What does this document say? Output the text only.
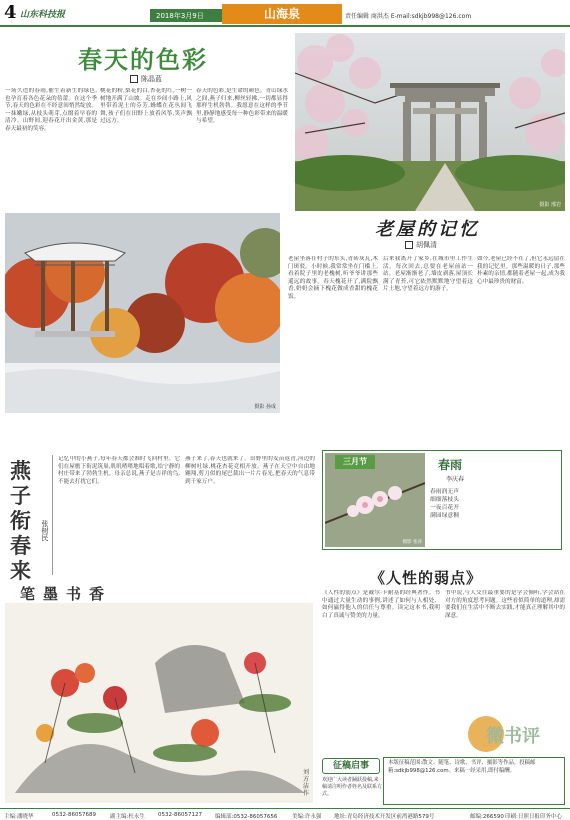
4 山东科技报	2018年3月9日	山海泉	责任编辑 商洪杰 E-mail:sdkjb998@126.com
春天的色彩
陈晶蓝
一场久违的春雨,催生着新生的绿色,也孕育着各色花朵的蓓蕾。在这个季节,春天的色彩在不经意间悄然绽放。一抹嫩绿,从枝头萌芽,点缀着早春的清冷。山野间,迎春花开出金黄,那是春天最初的笑容。
桃花的粉,梨花的白,杏花的红,一树一树地开满了山坡。走在乡间小路上,风里带着泥土的芬芳,蜂蝶在花丛间飞舞,孩子们在田野上放着风筝,笑声飘过远方。
春天的色彩,是生命的颜色。青山绿水之间,燕子归来,柳丝轻拂,一切都显得那样生机勃勃。我愿意在这样的季节里,静静地感受每一种色彩带来的温暖与希望。
摄影 邢岩
摄影 孙成
老屋的记忆
胡佩清
老屋坐落在村子的东头,青砖灰瓦,木门斑驳。小时候,我常常坐在门槛上,看着院子里的老槐树,听爷爷讲那些遥远的故事。春天槐花开了,满院飘香,奶奶会摘下槐花做成香甜的槐花饭。
后来我离开了家乡,在城市里工作生活。每次回去,总要在老屋前站一站。老屋渐渐老了,墙皮剥落,屋顶长满了青苔,可它依然默默地守望着这片土地,守望着远方的游子。
如今,老屋已经不在了,但它永远留在我的记忆里。那些温暖的日子,那些朴素的亲情,都随着老屋一起,成为我心中最珍贵的财富。
燕子衔春来
张树民
记忆中的小燕子,每年春天都会准时飞回村里。它们在屋檐下衔泥筑巢,叽叽喳喳地唱着歌,给宁静的村庄带来了勃勃生机。母亲总说,燕子是吉祥的鸟,不能去打扰它们。
燕子来了,春天也就来了。田野里的麦苗返青,河边的柳树吐绿,桃花杏花竞相开放。燕子在天空中自由地翱翔,剪刀似的尾巴裁出一片片春光,把春天的气息带到千家万户。
摄影 张涛
三月节	春雨
李庆春
春雨润无声
细细落枝头
一夜百花开
满园绿意稠
《人性的弱点》
《人性的弱点》是戴尔·卡耐基的经典著作。书中通过大量生动的事例,讲述了如何与人相处、如何赢得他人的信任与尊重。读完这本书,我明白了真诚与赞美的力量。
书中说,与人交往最重要的是学会倾听,学会站在对方的角度思考问题。这些看似简单的道理,却需要我们在生活中不断去实践,才能真正理解其中的深意。
笔墨书香
刘方洁作
微书评
征稿启事
欢迎广大读者踊跃投稿,来稿请注明作者姓名及联系方式。
本版征稿范围:散文、随笔、诗歌、书评、摄影等作品。投稿邮箱:sdkjb998@126.com。来稿一经采用,即付稿酬。
主编:潘晓华	0532-86057689	副主编:杜永生 0532-86057127 编辑部:0532-86057656	美编:许永强 地址:青岛经济技术开发区前湾港路579号	邮编:266590 印刷:日照日报印务中心
